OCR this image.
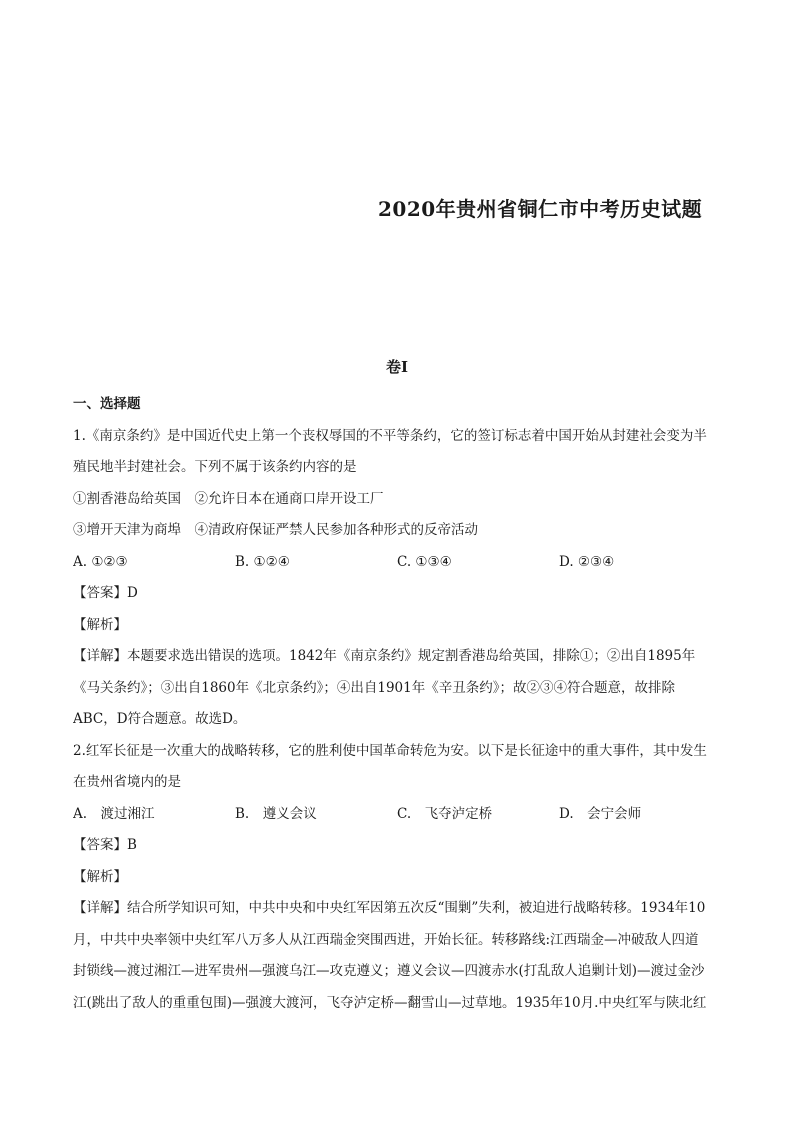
2020年贵州省铜仁市中考历史试题
卷I
一、选择题
1.《南京条约》是中国近代史上第一个丧权辱国的不平等条约，它的签订标志着中国开始从封建社会变为半
殖民地半封建社会。下列不属于该条约内容的是
①割香港岛给英国　②允许日本在通商口岸开设工厂
③增开天津为商埠　④清政府保证严禁人民参加各种形式的反帝活动
A. ①②③	B. ①②④	C. ①③④	D. ②③④
【答案】D
【解析】
【详解】本题要求选出错误的选项。1842年《南京条约》规定割香港岛给英国，排除①；②出自1895年
《马关条约》；③出自1860年《北京条约》；④出自1901年《辛丑条约》；故②③④符合题意，故排除
ABC，D符合题意。故选D。
2.红军长征是一次重大的战略转移，它的胜利使中国革命转危为安。以下是长征途中的重大事件，其中发生
在贵州省境内的是
A.　渡过湘江	B.　遵义会议	C.　飞夺泸定桥	D.　会宁会师
【答案】B
【解析】
【详解】结合所学知识可知，中共中央和中央红军因第五次反“围剿”失利，被迫进行战略转移。1934年10
月，中共中央率领中央红军八万多人从江西瑞金突围西进，开始长征。转移路线:江西瑞金—冲破敌人四道
封锁线—渡过湘江—进军贵州—强渡乌江—攻克遵义；遵义会议—四渡赤水(打乱敌人追剿计划)—渡过金沙
江(跳出了敌人的重重包围)—强渡大渡河，飞夺泸定桥—翻雪山—过草地。1935年10月.中央红军与陕北红
